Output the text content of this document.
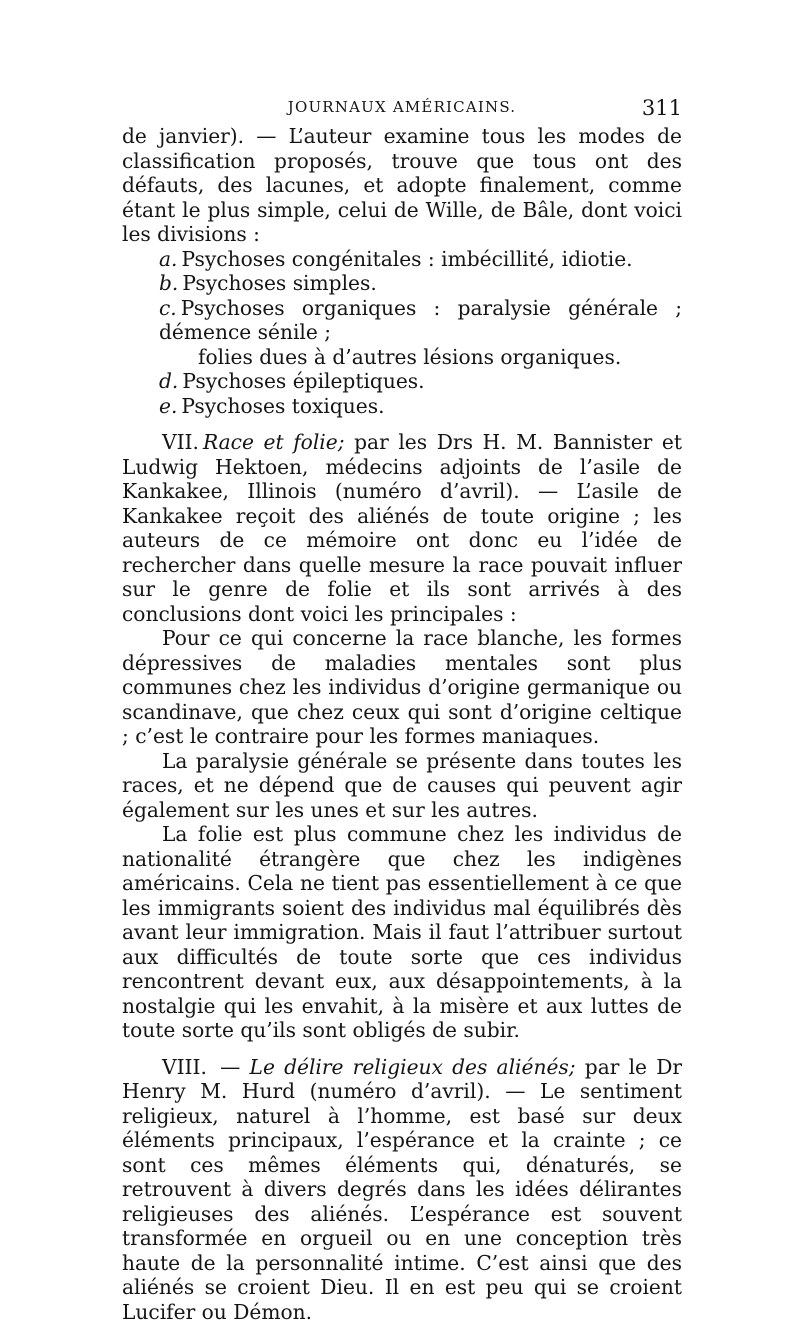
JOURNAUX AMÉRICAINS.	311

de janvier). — L’auteur examine tous les modes de classification proposés, trouve que tous ont des défauts, des lacunes, et adopte finalement, comme étant le plus simple, celui de Wille, de Bâle, dont voici les divisions :

a. Psychoses congénitales : imbécillité, idiotie.

b. Psychoses simples.

c. Psychoses organiques : paralysie générale ; démence sénile ;

folies dues à d’autres lésions organiques.

d. Psychoses épileptiques.

e. Psychoses toxiques.

VII. Race et folie; par les Drs H. M. Bannister et Ludwig Hektoen, médecins adjoints de l’asile de Kankakee, Illinois (numéro d’avril). — L’asile de Kankakee reçoit des aliénés de toute origine ; les auteurs de ce mémoire ont donc eu l’idée de rechercher dans quelle mesure la race pouvait influer sur le genre de folie et ils sont arrivés à des conclusions dont voici les principales :

Pour ce qui concerne la race blanche, les formes dépressives de maladies mentales sont plus communes chez les individus d’origine germanique ou scandinave, que chez ceux qui sont d’origine celtique ; c’est le contraire pour les formes maniaques.

La paralysie générale se présente dans toutes les races, et ne dépend que de causes qui peuvent agir également sur les unes et sur les autres.

La folie est plus commune chez les individus de nationalité étrangère que chez les indigènes américains. Cela ne tient pas essentiellement à ce que les immigrants soient des individus mal équilibrés dès avant leur immigration. Mais il faut l’attribuer surtout aux difficultés de toute sorte que ces individus rencontrent devant eux, aux désappointements, à la nostalgie qui les envahit, à la misère et aux luttes de toute sorte qu’ils sont obligés de subir.

VIII. — Le délire religieux des aliénés; par le Dr Henry M. Hurd (numéro d’avril). — Le sentiment religieux, naturel à l’homme, est basé sur deux éléments principaux, l’espérance et la crainte ; ce sont ces mêmes éléments qui, dénaturés, se retrouvent à divers degrés dans les idées délirantes religieuses des aliénés. L’espérance est souvent transformée en orgueil ou en une conception très haute de la personnalité intime. C’est ainsi que des aliénés se croient Dieu. Il en est peu qui se croient Lucifer ou Démon.
